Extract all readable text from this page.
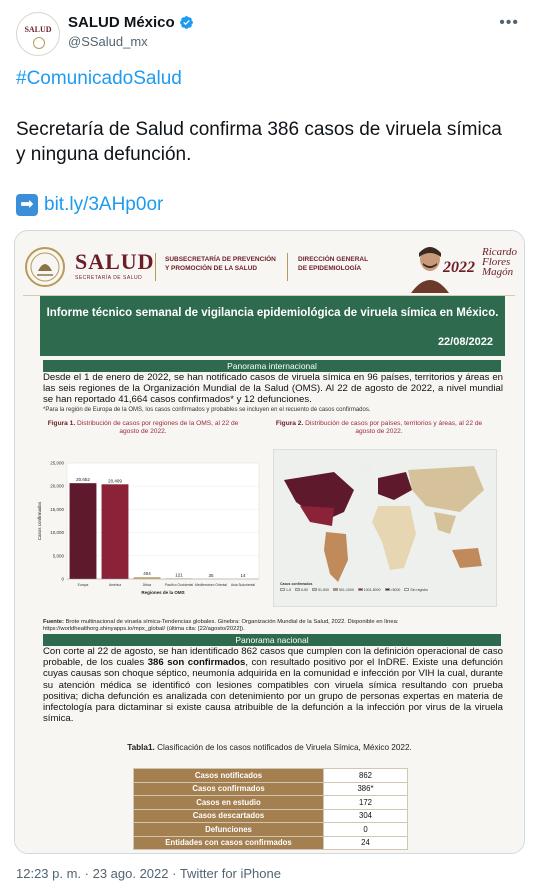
SALUD	SALUD México
@SSalud_mx
•••
#ComunicadoSalud
Secretaría de Salud confirma 386 casos de viruela símica y ninguna defunción.
➡ bit.ly/3AHp0or
SALUD
SECRETARÍA DE SALUD
SUBSECRETARÍA DE PREVENCIÓN
Y PROMOCIÓN DE LA SALUD
DIRECCIÓN GENERAL
DE EPIDEMIOLOGÍA	2022
Ricardo Flores Magón
Informe técnico semanal de vigilancia epidemiológica de viruela símica en México.
22/08/2022
Panorama internacional
Desde el 1 de enero de 2022, se han notificado casos de viruela símica en 96 países, territorios y áreas en las seis regiones de la Organización Mundial de la Salud (OMS). Al 22 de agosto de 2022, a nivel mundial se han reportado 41,664 casos confirmados* y 12 defunciones.
*Para la región de Europa de la OMS, los casos confirmados y probables se incluyen en el recuento de casos confirmados.
Figura 1. Distribución de casos por regiones de la OMS, al 22 de agosto de 2022.
Figura 2. Distribución de casos por países, territorios y áreas, al 22 de agosto de 2022.
0
5,000
10,000
15,000
20,000
25,000
20,652
Europa
20,409
América
404
África
121
Pacífico Occidental
35
Mediterráneo Oriental
14
Asia Sudoriental
Regiones de la OMS
Casos confirmados
Casos confirmados
1-5	6-50	51-500	501-1000	1001-5000	>5000	Sin registro
Fuente: Brote multinacional de viruela símica-Tendencias globales. Ginebra: Organización Mundial de la Salud, 2022. Disponible en línea: https://worldhealthorg.shinyapps.io/mpx_global/ (última cita: [22/agosto/2022]).
Panorama nacional
Con corte al 22 de agosto, se han identificado 862 casos que cumplen con la definición operacional de caso probable, de los cuales 386 son confirmados, con resultado positivo por el InDRE. Existe una defunción cuyas causas son choque séptico, neumonía adquirida en la comunidad e infección por VIH la cual, durante su atención médica se identificó con lesiones compatibles con viruela símica resultando con prueba positiva; dicha defunción es analizada con detenimiento por un grupo de personas expertas en materia de infectología para dictaminar si existe causa atribuible de la defunción a la infección por virus de la viruela símica.
Tabla1. Clasificación de los casos notificados de Viruela Símica, México 2022.
Casos notificados	862
Casos confirmados	386*
Casos en estudio	172
Casos descartados	304
Defunciones	0
Entidades con casos confirmados	24
12:23 p. m. · 23 ago. 2022 · Twitter for iPhone
